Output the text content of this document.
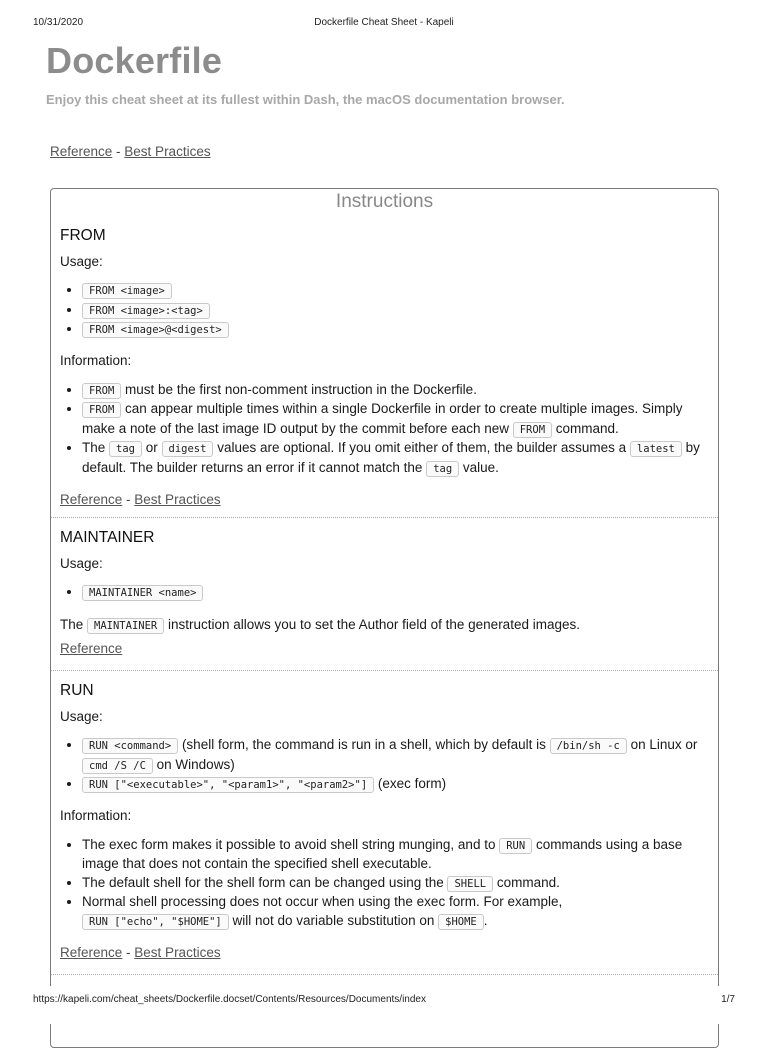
10/31/2020	Dockerfile Cheat Sheet - Kapeli
Dockerfile
Enjoy this cheat sheet at its fullest within Dash, the macOS documentation browser.
Reference - Best Practices
Instructions
FROM
Usage:
• FROM <image>
• FROM <image>:<tag>
• FROM <image>@<digest>
Information:
• FROM must be the first non-comment instruction in the Dockerfile.
• FROM can appear multiple times within a single Dockerfile in order to create multiple images. Simply make a note of the last image ID output by the commit before each new FROM command.
• The tag or digest values are optional. If you omit either of them, the builder assumes a latest by default. The builder returns an error if it cannot match the tag value.
Reference - Best Practices
MAINTAINER
Usage:
• MAINTAINER <name>
The MAINTAINER instruction allows you to set the Author field of the generated images.
Reference
RUN
Usage:
• RUN <command> (shell form, the command is run in a shell, which by default is /bin/sh -c on Linux or cmd /S /C on Windows)
• RUN ["<executable>", "<param1>", "<param2>"] (exec form)
Information:
• The exec form makes it possible to avoid shell string munging, and to RUN commands using a base image that does not contain the specified shell executable.
• The default shell for the shell form can be changed using the SHELL command.
• Normal shell processing does not occur when using the exec form. For example, RUN ["echo", "$HOME"] will not do variable substitution on $HOME .
Reference - Best Practices
https://kapeli.com/cheat_sheets/Dockerfile.docset/Contents/Resources/Documents/index	1/7
